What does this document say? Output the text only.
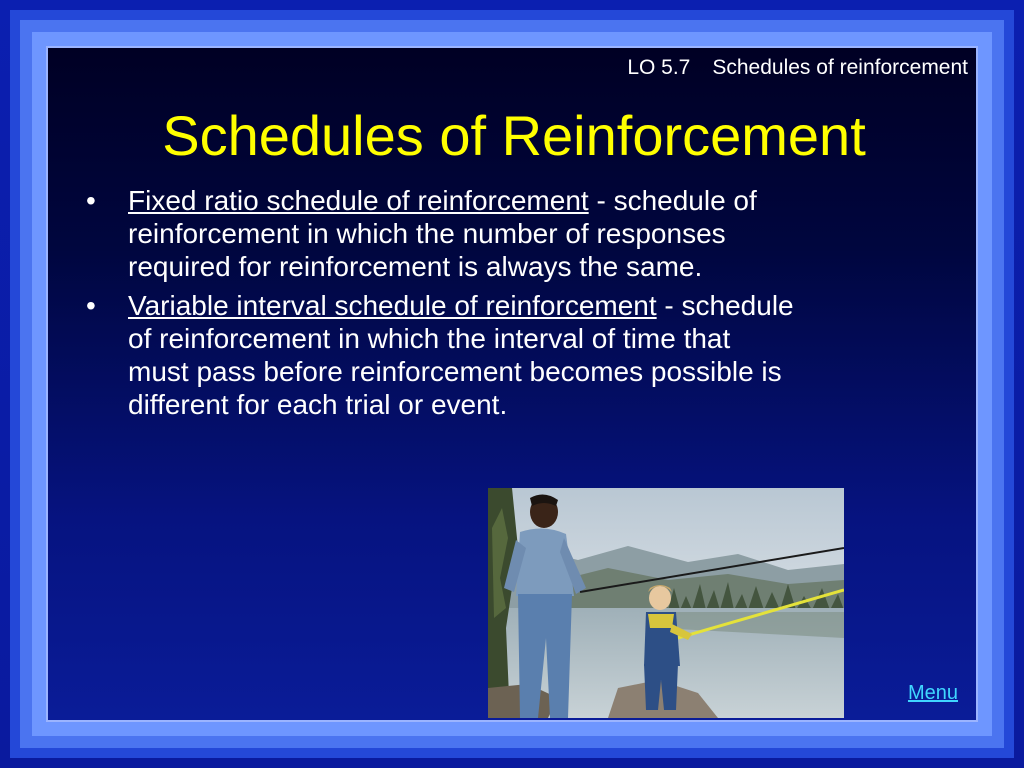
LO 5.7 Schedules of reinforcement
Schedules of Reinforcement
• Fixed ratio schedule of reinforcement - schedule of reinforcement in which the number of responses required for reinforcement is always the same.
• Variable interval schedule of reinforcement - schedule of reinforcement in which the interval of time that must pass before reinforcement becomes possible is different for each trial or event.
Menu
